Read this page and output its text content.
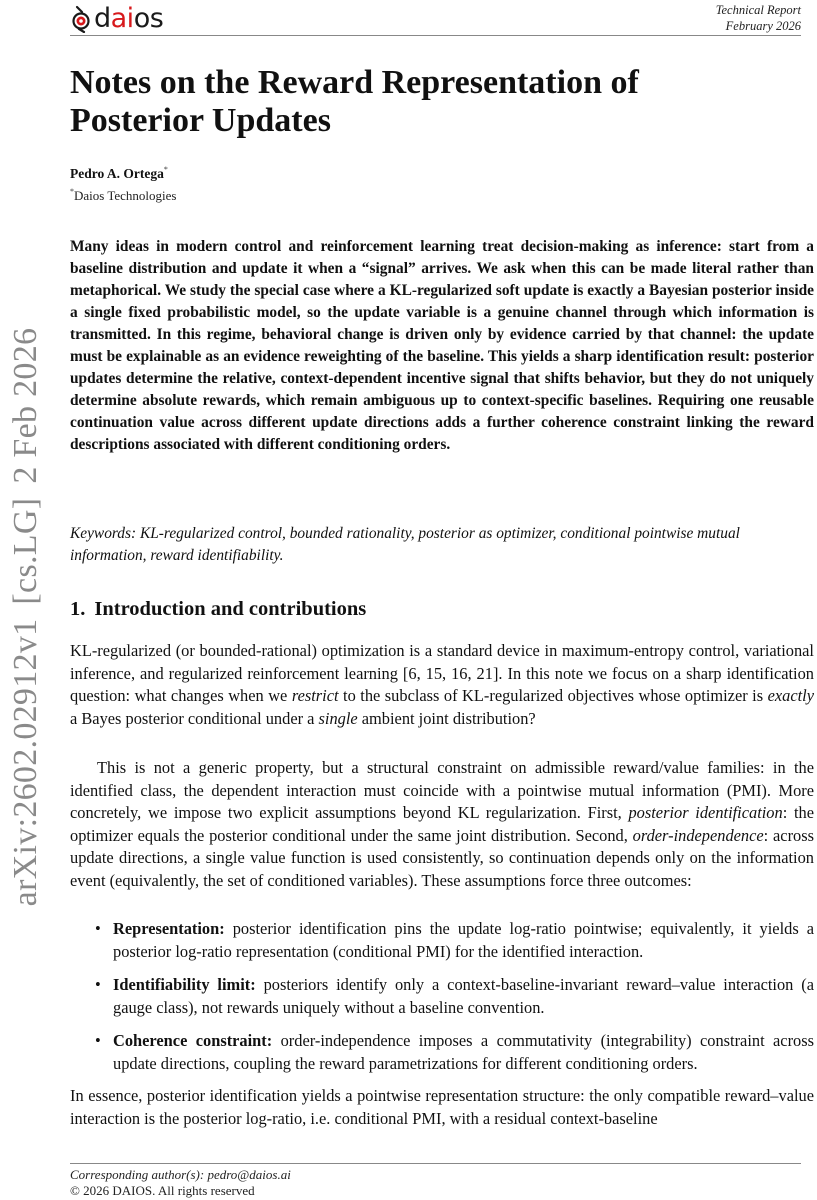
daios	Technical Report
February 2026
arXiv:2602.02912v1[cs.LG]2 Feb 2026
Notes on the Reward Representation of Posterior Updates
Pedro A. Ortega*
*Daios Technologies

Many ideas in modern control and reinforcement learning treat decision-making as inference: start from a baseline distribution and update it when a “signal” arrives. We ask when this can be made literal rather than metaphorical. We study the special case where a KL-regularized soft update is exactly a Bayesian posterior inside a single fixed probabilistic model, so the update variable is a genuine channel through which information is transmitted. In this regime, behavioral change is driven only by evidence carried by that channel: the update must be explainable as an evidence reweighting of the baseline. This yields a sharp identification result: posterior updates determine the relative, context-dependent incentive signal that shifts behavior, but they do not uniquely determine absolute rewards, which remain ambiguous up to context-specific baselines. Requiring one reusable continuation value across different update directions adds a further coherence constraint linking the reward descriptions associated with different conditioning orders.

Keywords: KL-regularized control, bounded rationality, posterior as optimizer, conditional pointwise mutual information, reward identifiability.

1. Introduction and contributions

KL-regularized (or bounded-rational) optimization is a standard device in maximum-entropy control, variational inference, and regularized reinforcement learning [6, 15, 16, 21]. In this note we focus on a sharp identification question: what changes when we restrict to the subclass of KL-regularized objectives whose optimizer is exactly a Bayes posterior conditional under a single ambient joint distribution?

This is not a generic property, but a structural constraint on admissible reward/value families: in the identified class, the dependent interaction must coincide with a pointwise mutual information (PMI). More concretely, we impose two explicit assumptions beyond KL regularization. First, posterior identification: the optimizer equals the posterior conditional under the same joint distribution. Second, order-independence: across update directions, a single value function is used consistently, so continuation depends only on the information event (equivalently, the set of conditioned variables). These assumptions force three outcomes:

• Representation: posterior identification pins the update log-ratio pointwise; equivalently, it yields a posterior log-ratio representation (conditional PMI) for the identified interaction.
• Identifiability limit: posteriors identify only a context-baseline-invariant reward–value interaction (a gauge class), not rewards uniquely without a baseline convention.
• Coherence constraint: order-independence imposes a commutativity (integrability) constraint across update directions, coupling the reward parametrizations for different conditioning orders.

In essence, posterior identification yields a pointwise representation structure: the only compatible reward–value interaction is the posterior log-ratio, i.e. conditional PMI, with a residual context-baseline

Corresponding author(s): pedro@daios.ai
© 2026 DAIOS. All rights reserved
